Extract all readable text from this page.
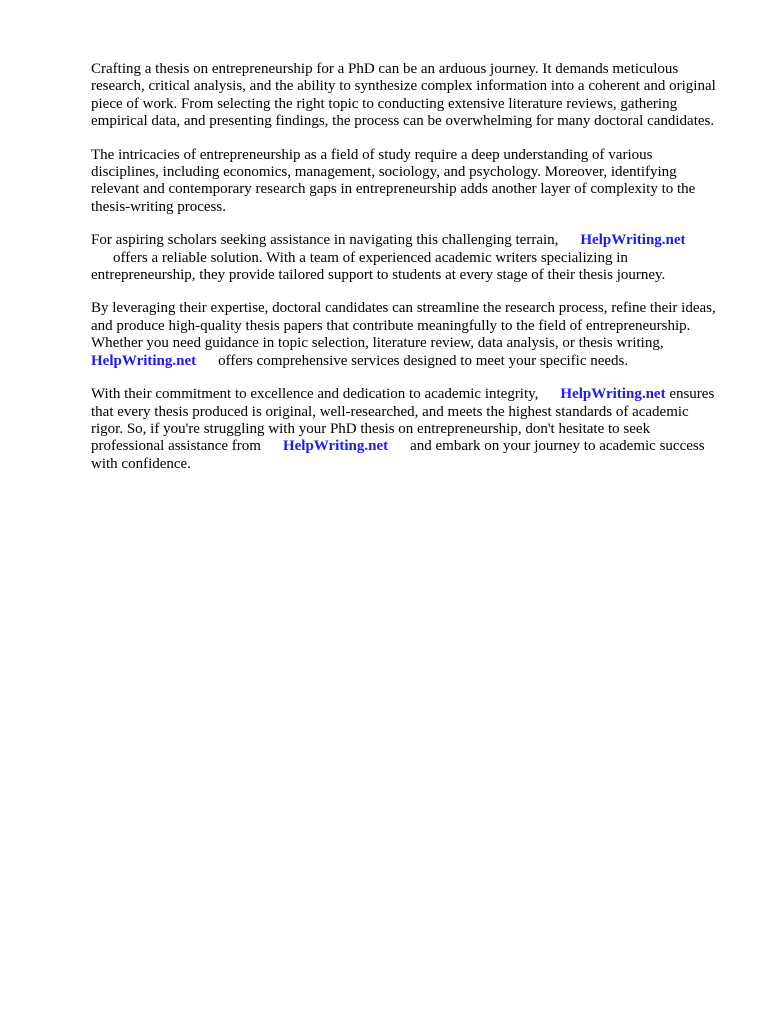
Crafting a thesis on entrepreneurship for a PhD can be an arduous journey. It demands meticulous research, critical analysis, and the ability to synthesize complex information into a coherent and original piece of work. From selecting the right topic to conducting extensive literature reviews, gathering empirical data, and presenting findings, the process can be overwhelming for many doctoral candidates.

The intricacies of entrepreneurship as a field of study require a deep understanding of various disciplines, including economics, management, sociology, and psychology. Moreover, identifying relevant and contemporary research gaps in entrepreneurship adds another layer of complexity to the thesis-writing process.

For aspiring scholars seeking assistance in navigating this challenging terrain, HelpWriting.net
offers a reliable solution. With a team of experienced academic writers specializing in entrepreneurship, they provide tailored support to students at every stage of their thesis journey.

By leveraging their expertise, doctoral candidates can streamline the research process, refine their ideas, and produce high-quality thesis papers that contribute meaningfully to the field of entrepreneurship. Whether you need guidance in topic selection, literature review, data analysis, or thesis writing,HelpWriting.net offers comprehensive services designed to meet your specific needs.

With their commitment to excellence and dedication to academic integrity, HelpWriting.net ensures that every thesis produced is original, well-researched, and meets the highest standards of academic rigor. So, if you're struggling with your PhD thesis on entrepreneurship, don't hesitate to seek professional assistance from HelpWriting.net and embark on your journey to academic success with confidence.
